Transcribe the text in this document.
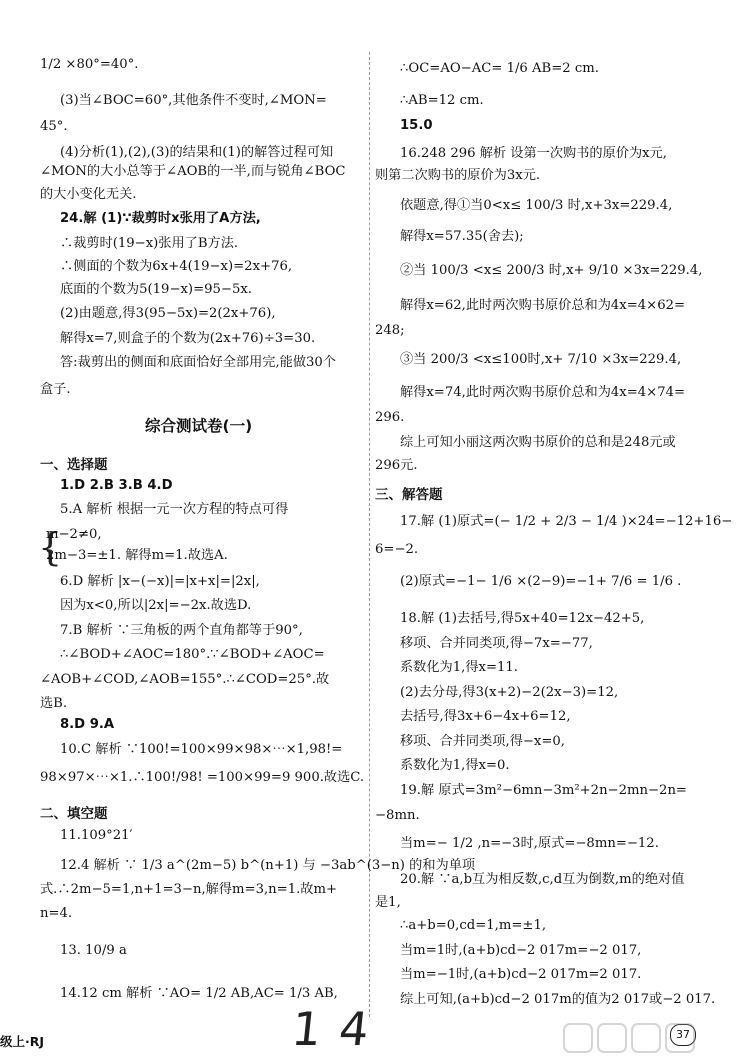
1/2 ×80°=40°.
(3)当∠BOC=60°,其他条件不变时,∠MON=
45°.
(4)分析(1),(2),(3)的结果和(1)的解答过程可知
∠MON的大小总等于∠AOB的一半,而与锐角∠BOC
的大小变化无关.
24.解 (1)∵裁剪时x张用了A方法,
∴裁剪时(19−x)张用了B方法.
∴侧面的个数为6x+4(19−x)=2x+76,
底面的个数为5(19−x)=95−5x.
(2)由题意,得3(95−5x)=2(2x+76),
解得x=7,则盒子的个数为(2x+76)÷3=30.
答:裁剪出的侧面和底面恰好全部用完,能做30个
盒子.
综合测试卷(一)
一、选择题
1.D 2.B 3.B 4.D
5.A 解析 根据一元一次方程的特点可得
{
m−2≠0,
2m−3=±1. 解得m=1.故选A.
6.D 解析 |x−(−x)|=|x+x|=|2x|,
因为x<0,所以|2x|=−2x.故选D.
7.B 解析 ∵三角板的两个直角都等于90°,
∴∠BOD+∠AOC=180°.∵∠BOD+∠AOC=
∠AOB+∠COD,∠AOB=155°.∴∠COD=25°.故
选B.
8.D 9.A
10.C 解析 ∵100!=100×99×98×⋯×1,98!=
98×97×⋯×1.∴100!/98! =100×99=9 900.故选C.
二、填空题
11.109°21′
12.4 解析 ∵ 1/3 a^(2m−5) b^(n+1) 与 −3ab^(3−n) 的和为单项
式.∴2m−5=1,n+1=3−n,解得m=3,n=1.故m+
n=4.
13. 10/9 a
14.12 cm 解析 ∵AO= 1/2 AB,AC= 1/3 AB,
∴OC=AO−AC= 1/6 AB=2 cm.
∴AB=12 cm.
15.0
16.248 296 解析 设第一次购书的原价为x元,
则第二次购书的原价为3x元.
依题意,得①当0<x≤ 100/3 时,x+3x=229.4,
解得x=57.35(舍去);
②当 100/3 <x≤ 200/3 时,x+ 9/10 ×3x=229.4,
解得x=62,此时两次购书原价总和为4x=4×62=
248;
③当 200/3 <x≤100时,x+ 7/10 ×3x=229.4,
解得x=74,此时两次购书原价总和为4x=4×74=
296.
综上可知小丽这两次购书原价的总和是248元或
296元.
三、解答题
17.解 (1)原式=(− 1/2 + 2/3 − 1/4 )×24=−12+16−
6=−2.
(2)原式=−1− 1/6 ×(2−9)=−1+ 7/6 = 1/6 .
18.解 (1)去括号,得5x+40=12x−42+5,
移项、合并同类项,得−7x=−77,
系数化为1,得x=11.
(2)去分母,得3(x+2)−2(2x−3)=12,
去括号,得3x+6−4x+6=12,
移项、合并同类项,得−x=0,
系数化为1,得x=0.
19.解 原式=3m²−6mn−3m²+2n−2mn−2n=
−8mn.
当m=− 1/2 ,n=−3时,原式=−8mn=−12.
20.解 ∵a,b互为相反数,c,d互为倒数,m的绝对值
是1,
∴a+b=0,cd=1,m=±1,
当m=1时,(a+b)cd−2 017m=−2 017,
当m=−1时,(a+b)cd−2 017m=2 017.
综上可知,(a+b)cd−2 017m的值为2 017或−2 017.
级上·RJ	14	37
